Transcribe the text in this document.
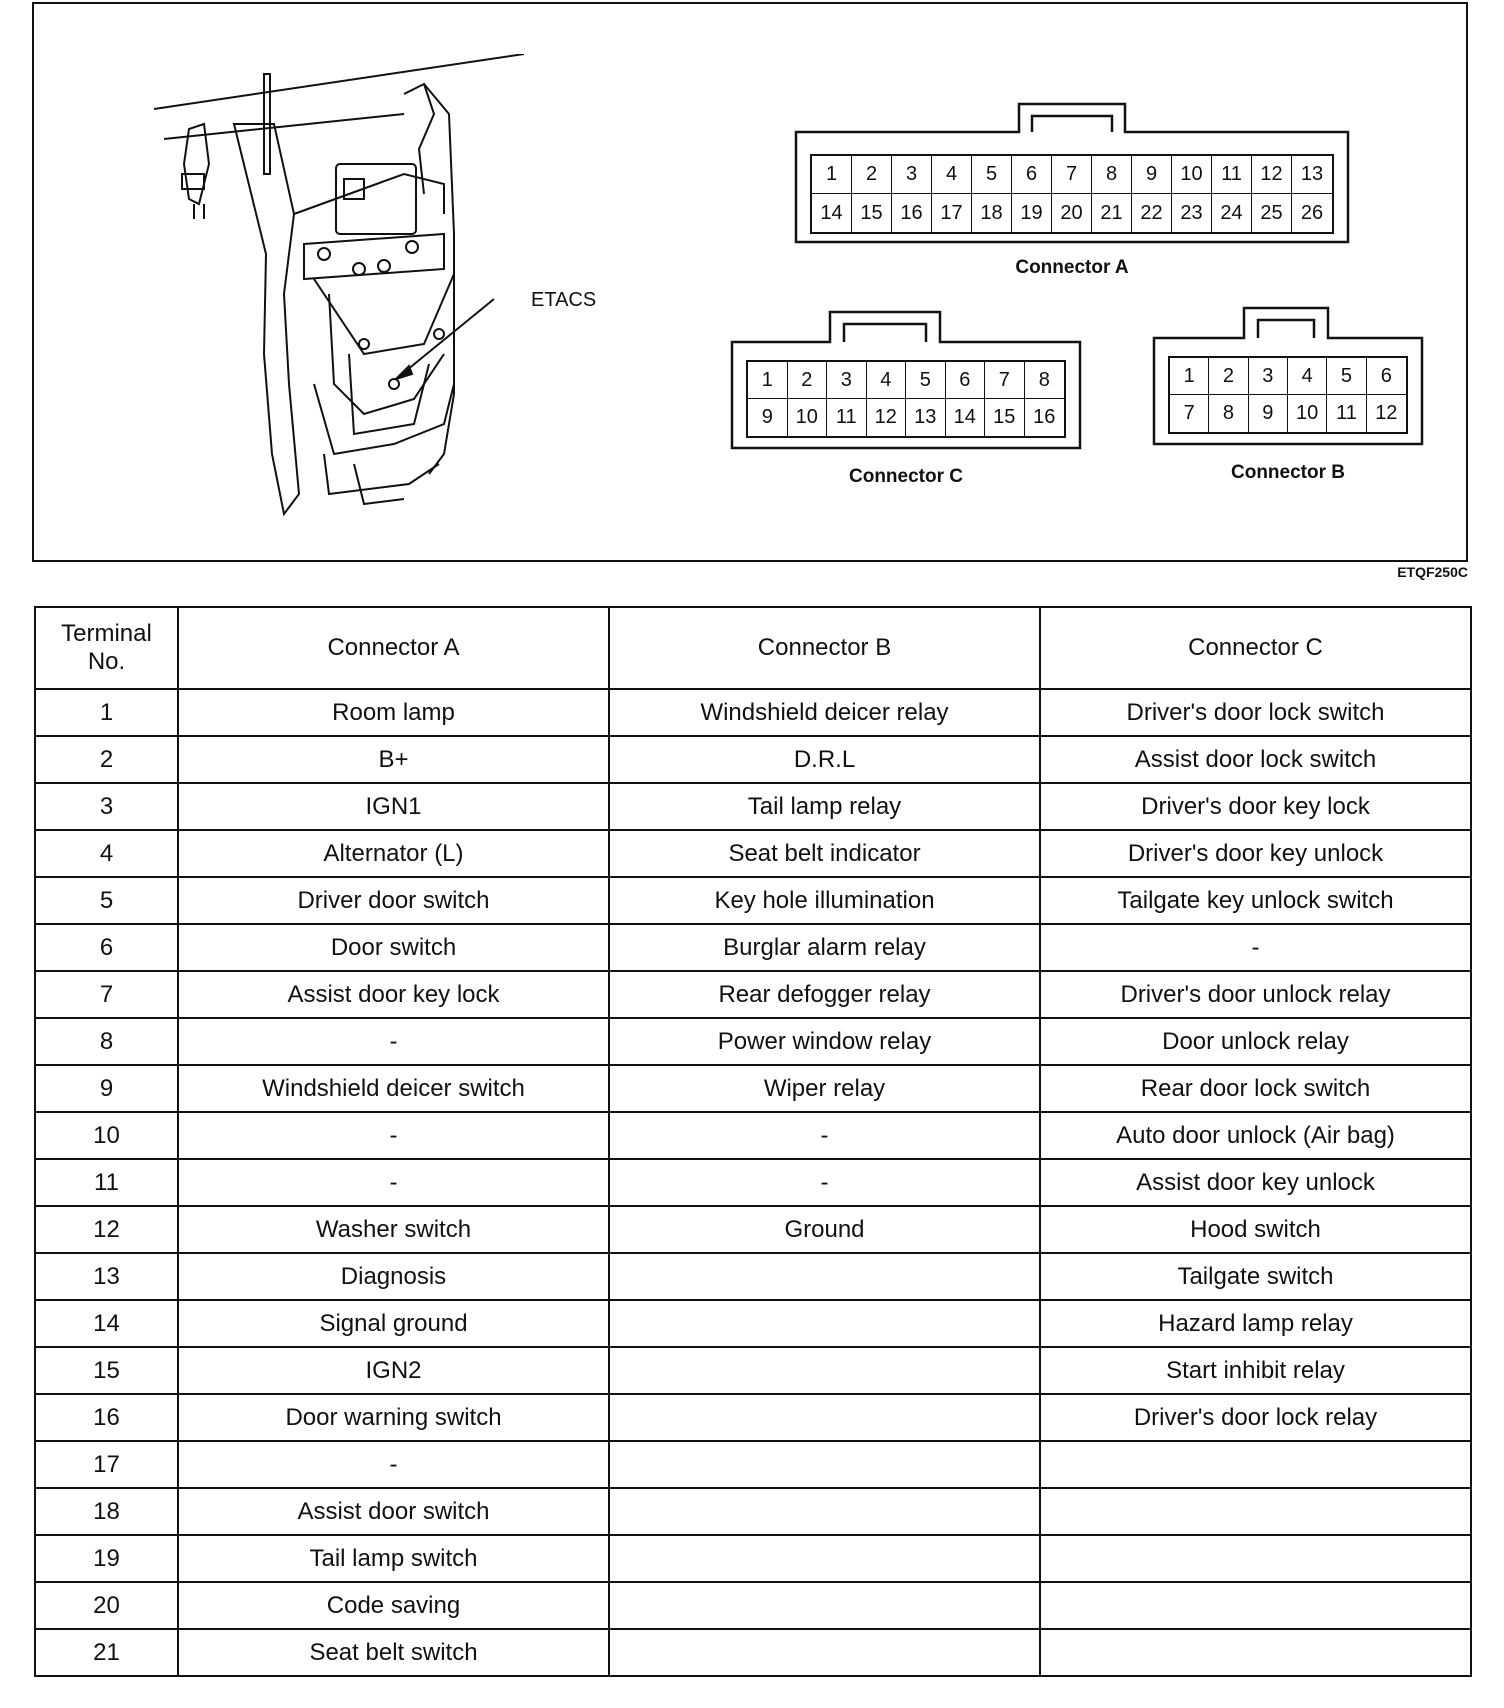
ETACS
1	2	3	4	5	6	7	8	9	10 11 12 13
14 15 16 17 18 19 20 21 22 23 24 25 26
Connector A
1	2	3	4	5	6	7	8
9	10 11 12 13 14 15 16
Connector C
1	2	3	4	5	6
7	8	9	10 11 12
Connector B
ETQF250C
Terminal
No.	Connector A	Connector B	Connector C
1	Room lamp	Windshield deicer relay	Driver's door lock switch
2	B+	D.R.L	Assist door lock switch
3	IGN1	Tail lamp relay	Driver's door key lock
4	Alternator (L)	Seat belt indicator	Driver's door key unlock
5	Driver door switch	Key hole illumination	Tailgate key unlock switch
6	Door switch	Burglar alarm relay	-
7	Assist door key lock	Rear defogger relay	Driver's door unlock relay
8	-	Power window relay	Door unlock relay
9	Windshield deicer switch	Wiper relay	Rear door lock switch
10	-	-	Auto door unlock (Air bag)
11	-	-	Assist door key unlock
12	Washer switch	Ground	Hood switch
13	Diagnosis		Tailgate switch
14	Signal ground		Hazard lamp relay
15	IGN2		Start inhibit relay
16	Door warning switch		Driver's door lock relay
17	-		
18	Assist door switch		
19	Tail lamp switch		
20	Code saving		
21	Seat belt switch		
